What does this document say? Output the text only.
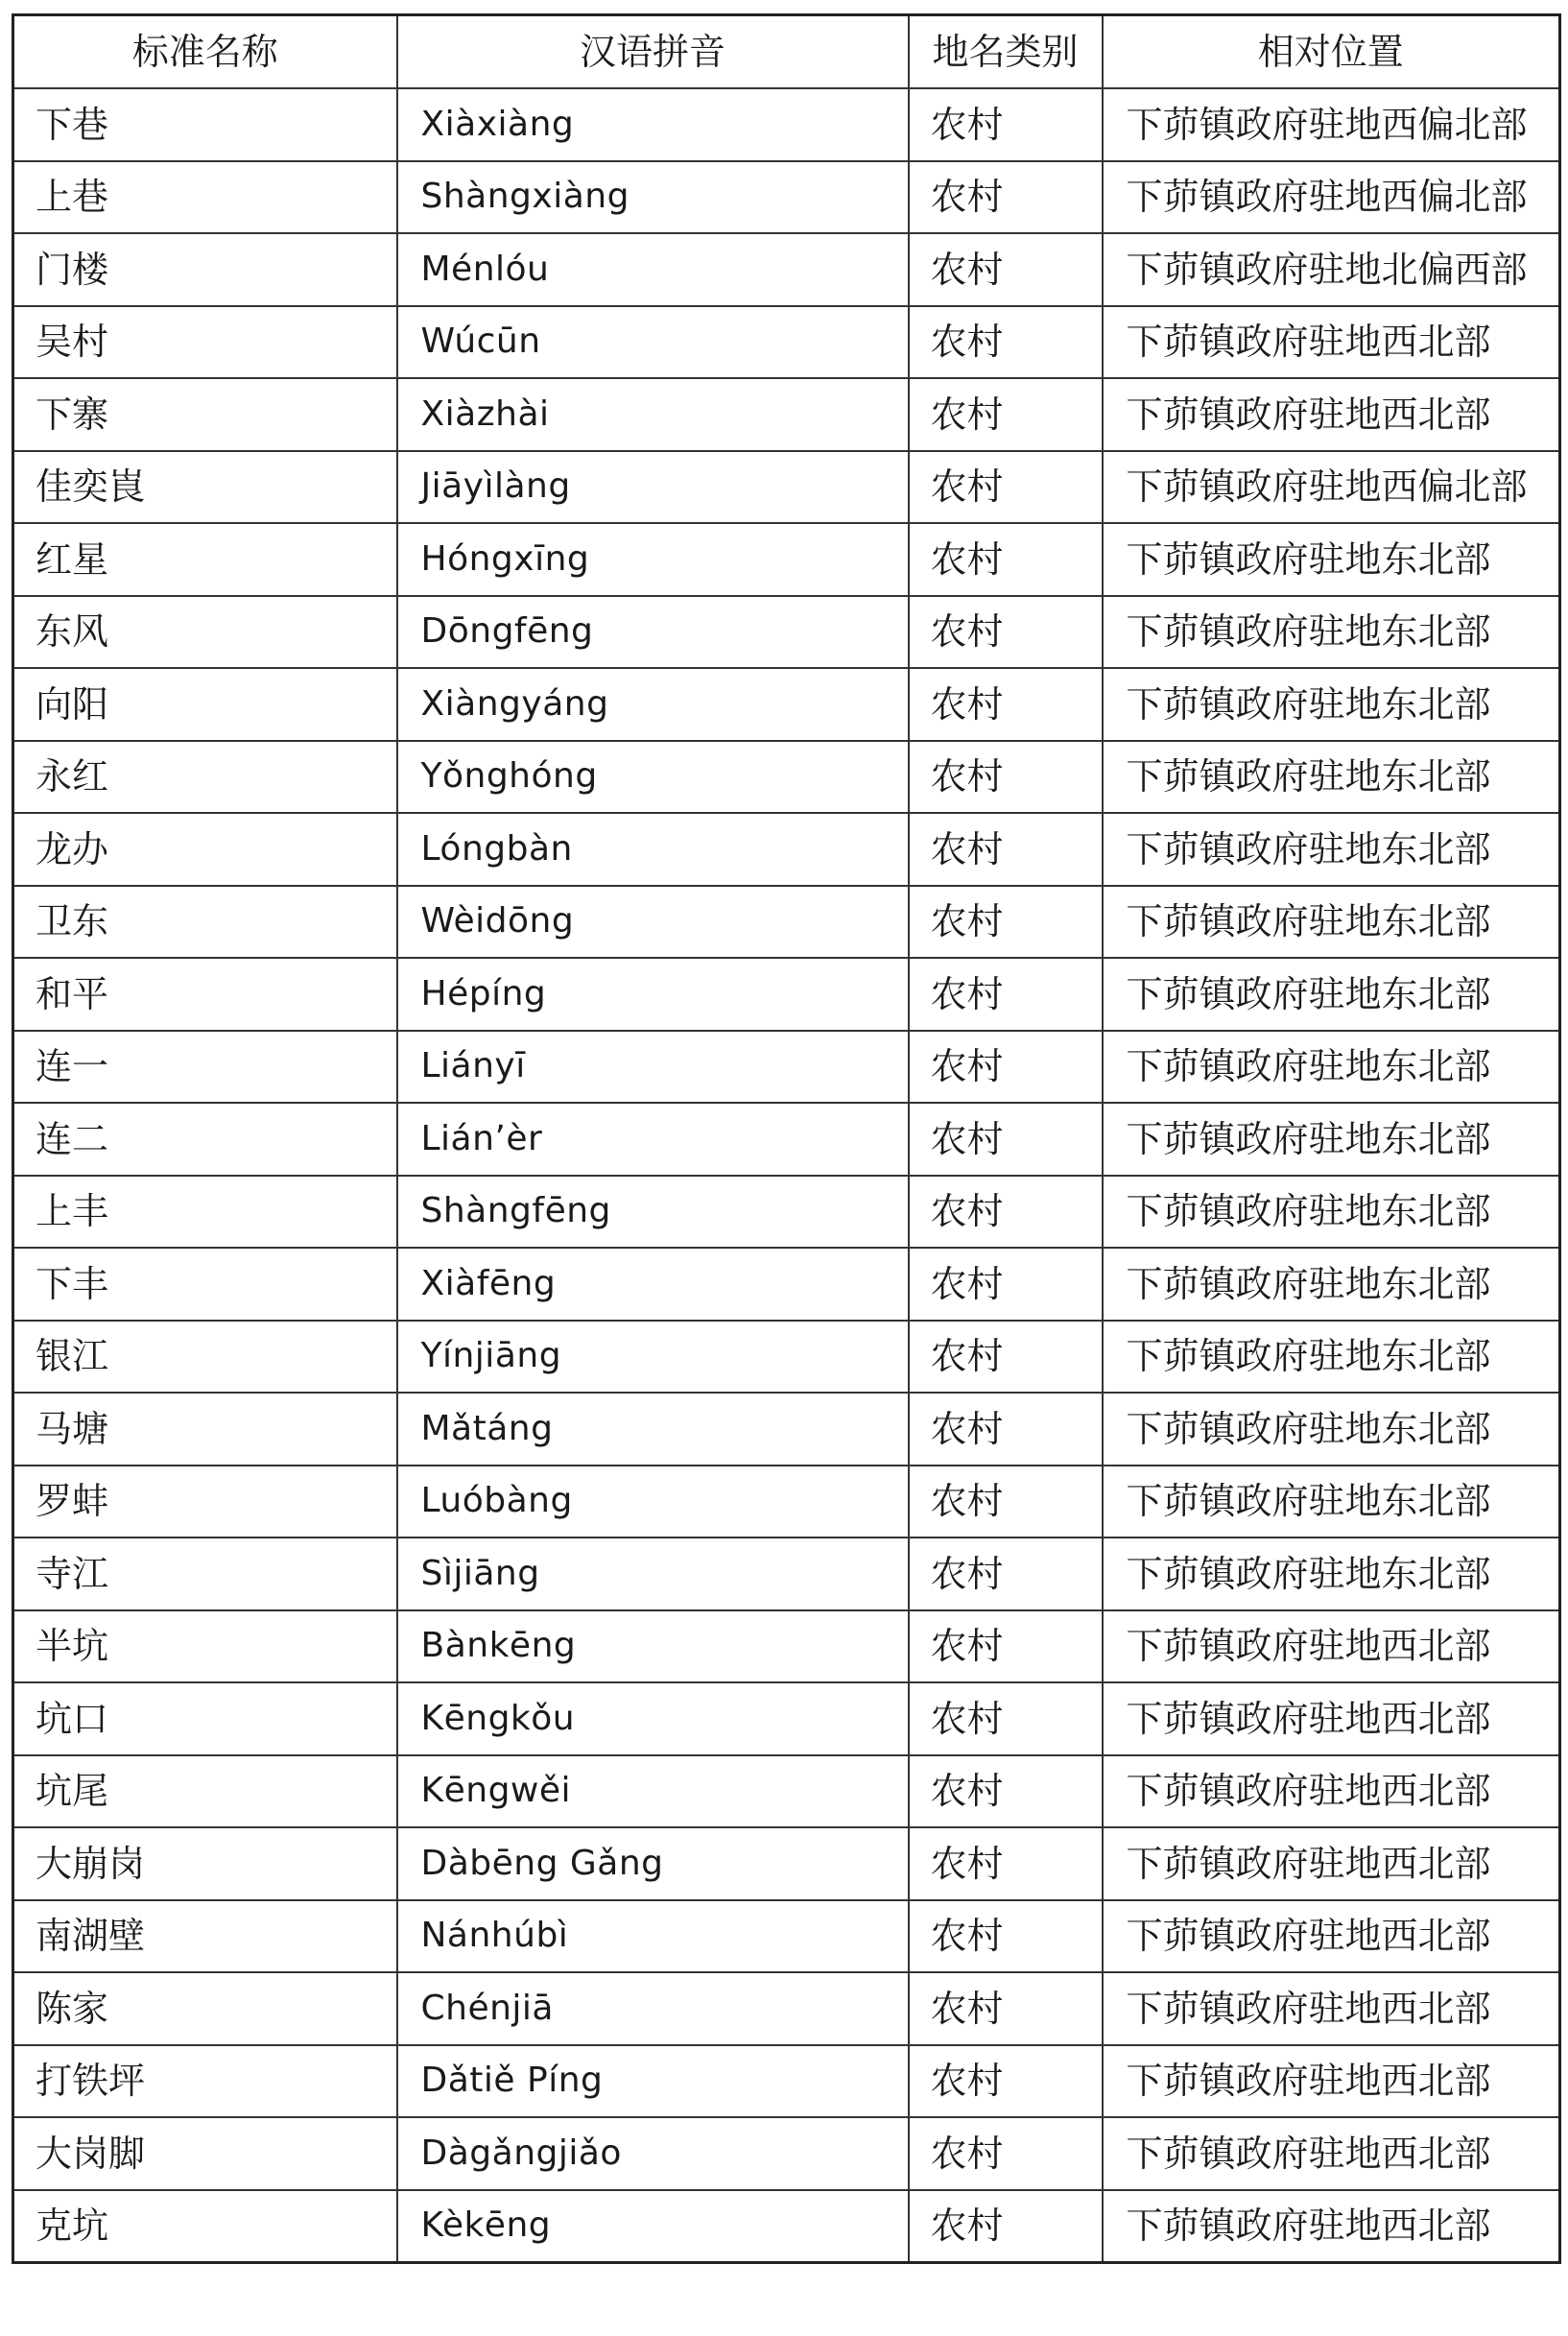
标准名称	汉语拼音	地名类别	相对位置
下巷	Xiàxiàng	农村	下茆镇政府驻地西偏北部
上巷	Shàngxiàng	农村	下茆镇政府驻地西偏北部
门楼	Ménlóu	农村	下茆镇政府驻地北偏西部
吴村	Wúcūn	农村	下茆镇政府驻地西北部
下寨	Xiàzhài	农村	下茆镇政府驻地西北部
佳奕崀	Jiāyìlàng	农村	下茆镇政府驻地西偏北部
红星	Hóngxīng	农村	下茆镇政府驻地东北部
东风	Dōngfēng	农村	下茆镇政府驻地东北部
向阳	Xiàngyáng	农村	下茆镇政府驻地东北部
永红	Yǒnghóng	农村	下茆镇政府驻地东北部
龙办	Lóngbàn	农村	下茆镇政府驻地东北部
卫东	Wèidōng	农村	下茆镇政府驻地东北部
和平	Hépíng	农村	下茆镇政府驻地东北部
连一	Liányī	农村	下茆镇政府驻地东北部
连二	Lián’èr	农村	下茆镇政府驻地东北部
上丰	Shàngfēng	农村	下茆镇政府驻地东北部
下丰	Xiàfēng	农村	下茆镇政府驻地东北部
银江	Yínjiāng	农村	下茆镇政府驻地东北部
马塘	Mǎtáng	农村	下茆镇政府驻地东北部
罗蚌	Luóbàng	农村	下茆镇政府驻地东北部
寺江	Sìjiāng	农村	下茆镇政府驻地东北部
半坑	Bànkēng	农村	下茆镇政府驻地西北部
坑口	Kēngkǒu	农村	下茆镇政府驻地西北部
坑尾	Kēngwěi	农村	下茆镇政府驻地西北部
大崩岗	Dàbēng Gǎng	农村	下茆镇政府驻地西北部
南湖壁	Nánhúbì	农村	下茆镇政府驻地西北部
陈家	Chénjiā	农村	下茆镇政府驻地西北部
打铁坪	Dǎtiě Píng	农村	下茆镇政府驻地西北部
大岗脚	Dàgǎngjiǎo	农村	下茆镇政府驻地西北部
克坑	Kèkēng	农村	下茆镇政府驻地西北部
